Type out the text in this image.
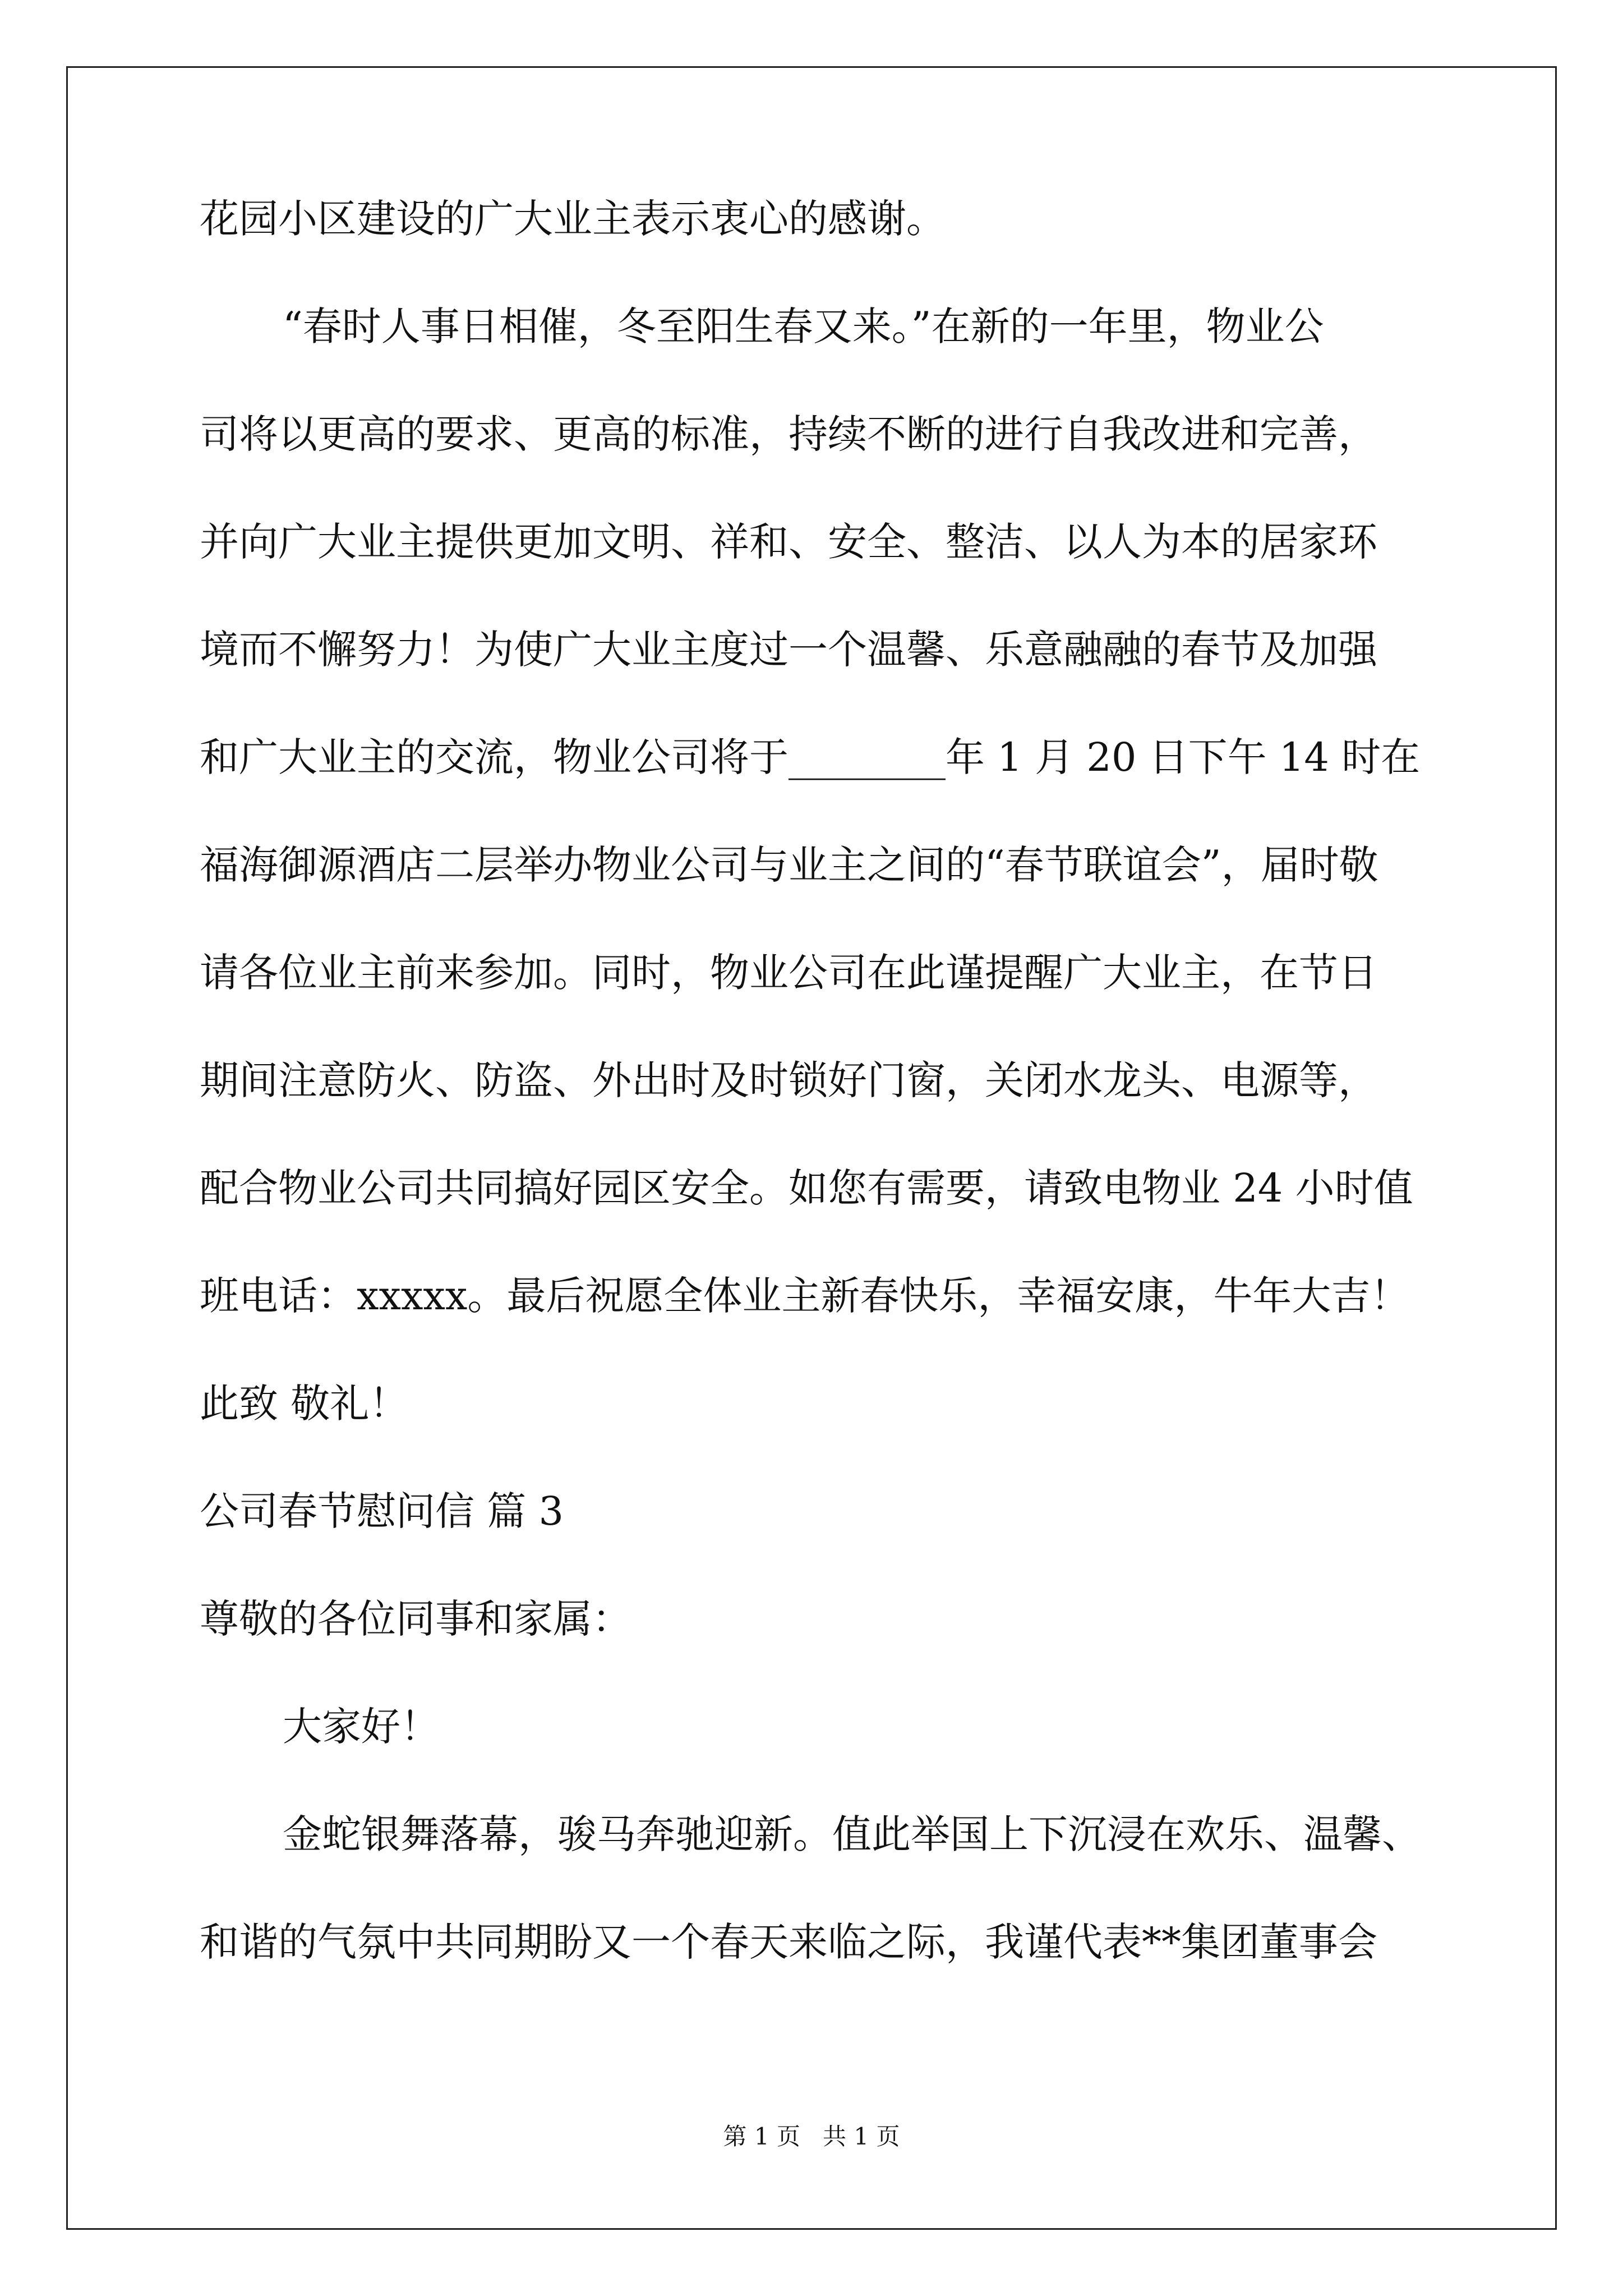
花园小区建设的广大业主表示衷心的感谢。
“春时人事日相催，冬至阳生春又来。”在新的一年里，物业公
司将以更高的要求、更高的标准，持续不断的进行自我改进和完善，
并向广大业主提供更加文明、祥和、安全、整洁、以人为本的居家环
境而不懈努力！为使广大业主度过一个温馨、乐意融融的春节及加强
和广大业主的交流，物业公司将于________年 1 月 20 日下午 14 时在
福海御源酒店二层举办物业公司与业主之间的“春节联谊会”，届时敬
请各位业主前来参加。同时，物业公司在此谨提醒广大业主，在节日
期间注意防火、防盗、外出时及时锁好门窗，关闭水龙头、电源等，
配合物业公司共同搞好园区安全。如您有需要，请致电物业 24 小时值
班电话：xxxxx。最后祝愿全体业主新春快乐，幸福安康，牛年大吉！
此致 敬礼！
公司春节慰问信 篇 3
尊敬的各位同事和家属：
大家好！
金蛇银舞落幕，骏马奔驰迎新。值此举国上下沉浸在欢乐、温馨、
和谐的气氛中共同期盼又一个春天来临之际，我谨代表**集团董事会
第 1 页   共 1 页
